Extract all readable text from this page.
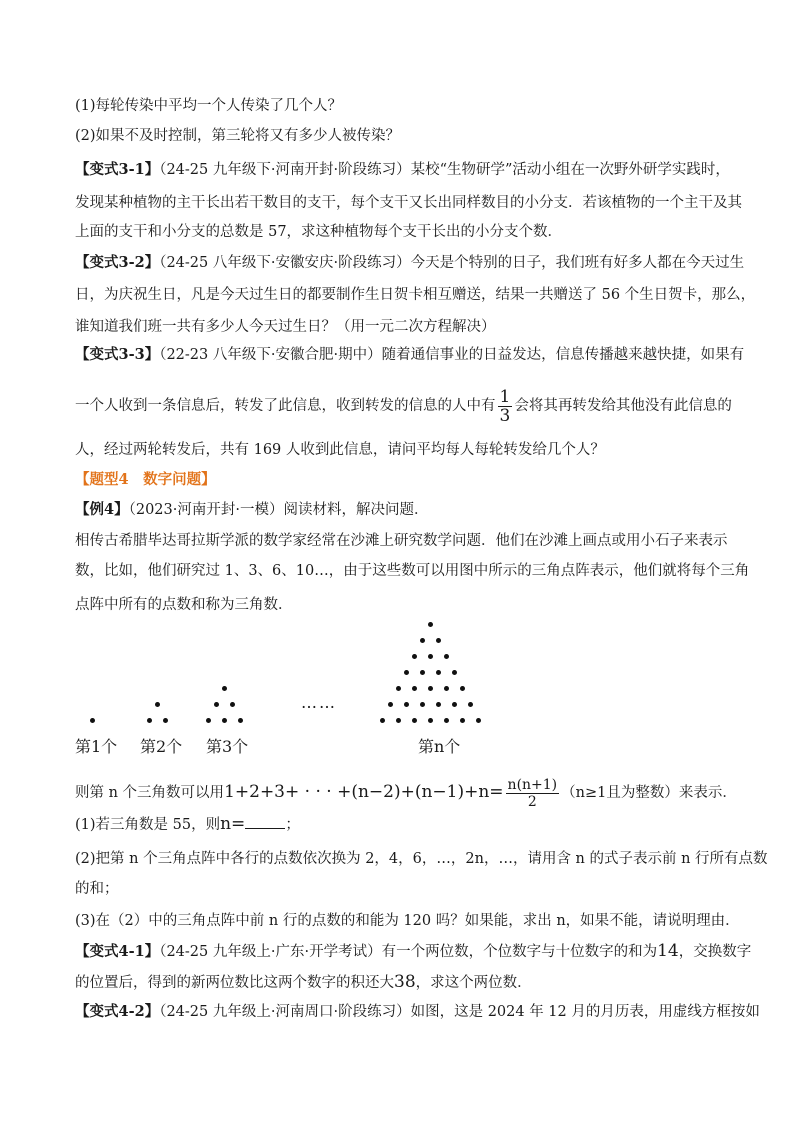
(1)每轮传染中平均一个人传染了几个人？
(2)如果不及时控制，第三轮将又有多少人被传染？
【变式3-1】（24-25 九年级下·河南开封·阶段练习）某校“生物研学”活动小组在一次野外研学实践时，
发现某种植物的主干长出若干数目的支干，每个支干又长出同样数目的小分支．若该植物的一个主干及其
上面的支干和小分支的总数是 57，求这种植物每个支干长出的小分支个数．
【变式3-2】（24-25 八年级下·安徽安庆·阶段练习）今天是个特别的日子，我们班有好多人都在今天过生
日，为庆祝生日，凡是今天过生日的都要制作生日贺卡相互赠送，结果一共赠送了 56 个生日贺卡，那么，
谁知道我们班一共有多少人今天过生日？（用一元二次方程解决）
【变式3-3】（22-23 八年级下·安徽合肥·期中）随着通信事业的日益发达，信息传播越来越快捷，如果有
一个人收到一条信息后，转发了此信息，收到转发的信息的人中有 $\frac{1}{3}$ 会将其再转发给其他没有此信息的
人，经过两轮转发后，共有 169 人收到此信息，请问平均每人每轮转发给几个人？
【题型4　数字问题】
【例4】（2023·河南开封·一模）阅读材料，解决问题．
相传古希腊毕达哥拉斯学派的数学家经常在沙滩上研究数学问题．他们在沙滩上画点或用小石子来表示
数，比如，他们研究过 1、3、6、10…，由于这些数可以用图中所示的三角点阵表示，他们就将每个三角
点阵中所有的点数和称为三角数．
……
第1个 第2个 第3个	第n个
则第 n 个三角数可以用1+2+3+ · · · $+(n-2)+(n-1)+n= \frac{n(n+1)}{2} (n\ge 1$且为整数）来表示．
(1)若三角数是 55，则n=	；
(2)把第 n 个三角点阵中各行的点数依次换为 2，4，6，…，2n，…，请用含 n 的式子表示前 n 行所有点数
的和；
(3)在（2）中的三角点阵中前 n 行的点数的和能为 120 吗？如果能，求出 n，如果不能，请说明理由．
【变式4-1】（24-25 九年级上·广东·开学考试）有一个两位数，个位数字与十位数字的和为14，交换数字
的位置后，得到的新两位数比这两个数字的积还大38，求这个两位数．
【变式4-2】（24-25 九年级上·河南周口·阶段练习）如图，这是 2024 年 12 月的月历表，用虚线方框按如
